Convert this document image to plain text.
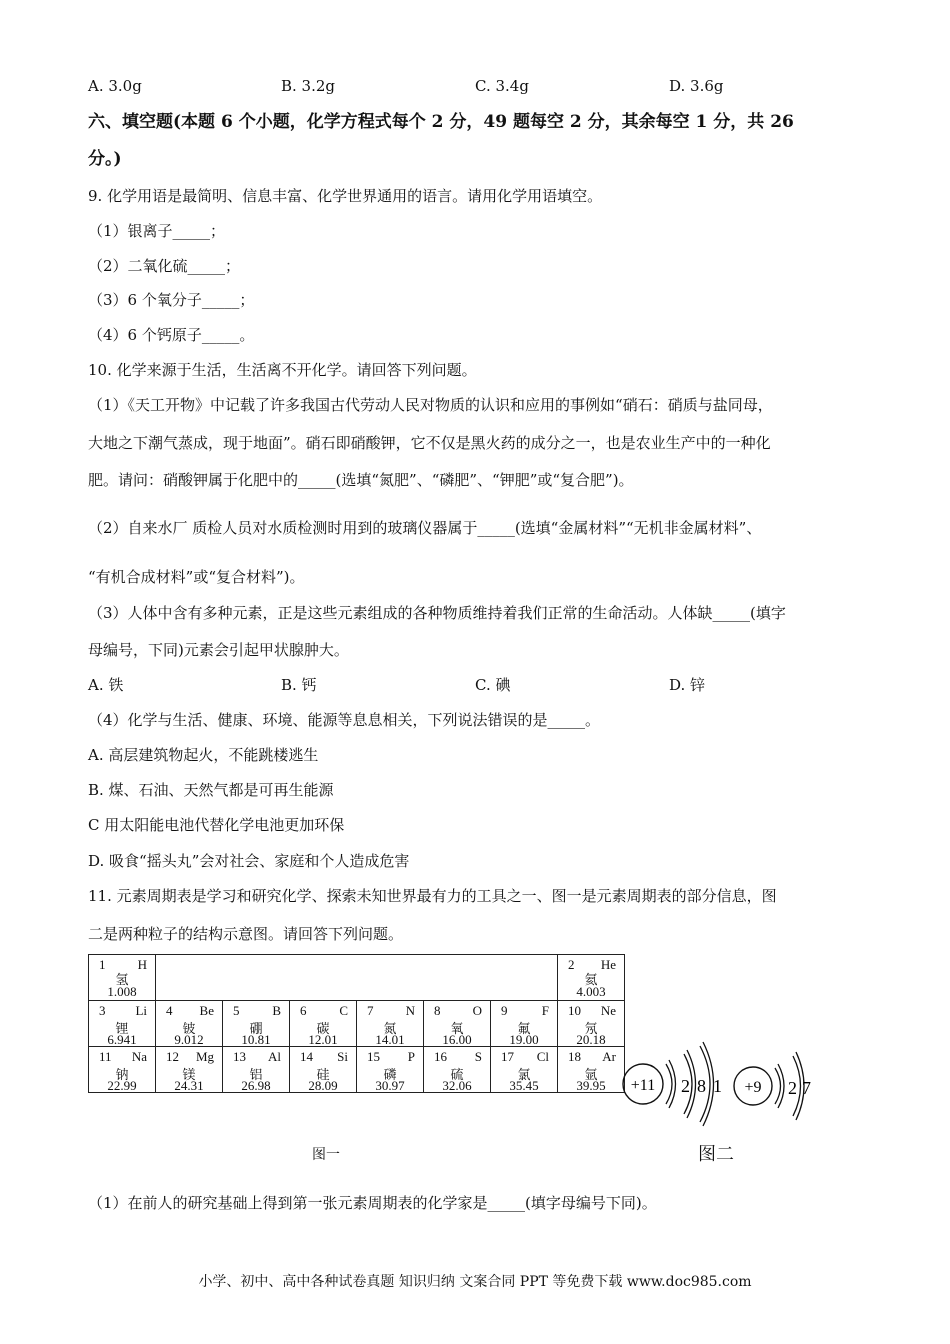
A. 3.0g	B. 3.2g	C. 3.4g	D. 3.6g
六、填空题(本题 6 个小题，化学方程式每个 2 分，49 题每空 2 分，其余每空 1 分，共 26
分。)
9. 化学用语是最简明、信息丰富、化学世界通用的语言。请用化学用语填空。
（1）银离子_____；
（2）二氧化硫_____；
（3）6 个氧分子_____；
（4）6 个钙原子_____。
10. 化学来源于生活，生活离不开化学。请回答下列问题。
（1）《天工开物》中记载了许多我国古代劳动人民对物质的认识和应用的事例如“硝石：硝质与盐同母，
大地之下潮气蒸成，现于地面”。硝石即硝酸钾，它不仅是黑火药的成分之一，也是农业生产中的一种化
肥。请问：硝酸钾属于化肥中的_____(选填“氮肥”、“磷肥”、“钾肥”或“复合肥”)。
（2）自来水厂 质检人员对水质检测时用到的玻璃仪器属于_____(选填“金属材料”“无机非金属材料”、
“有机合成材料”或“复合材料”)。
（3）人体中含有多种元素，正是这些元素组成的各种物质维持着我们正常的生命活动。人体缺_____(填字
母编号，下同)元素会引起甲状腺肿大。
A. 铁	B. 钙	C. 碘	D. 锌
（4）化学与生活、健康、环境、能源等息息相关，下列说法错误的是_____。
A. 高层建筑物起火，不能跳楼逃生
B. 煤、石油、天然气都是可再生能源
C 用太阳能电池代替化学电池更加环保
D. 吸食“摇头丸”会对社会、家庭和个人造成危害
11. 元素周期表是学习和研究化学、探索未知世界最有力的工具之一、图一是元素周期表的部分信息，图
二是两种粒子的结构示意图。请回答下列问题。
1 H
氢
1.008							2 He
氦
4.003

3 Li
锂
6.941	4 Be
铍
9.012	5 B
硼
10.81	6 C
碳
12.01	7 N
氮
14.01	8 O
氧
16.00	9 F
氟
19.00	10 Ne
氖
20.18

11 Na
钠
22.99	12 Mg
镁
24.31	13 Al
铝
26.98	14 Si
硅
28.09	15 P
磷
30.97	16 S
硫
32.06	17 Cl
氯
35.45	18 Ar
氩
39.95
图一
+11 2 8 1 +9 2 7
图二
（1）在前人的研究基础上得到第一张元素周期表的化学家是_____(填字母编号下同)。
小学、初中、高中各种试卷真题 知识归纳 文案合同 PPT 等免费下载 www.doc985.com
